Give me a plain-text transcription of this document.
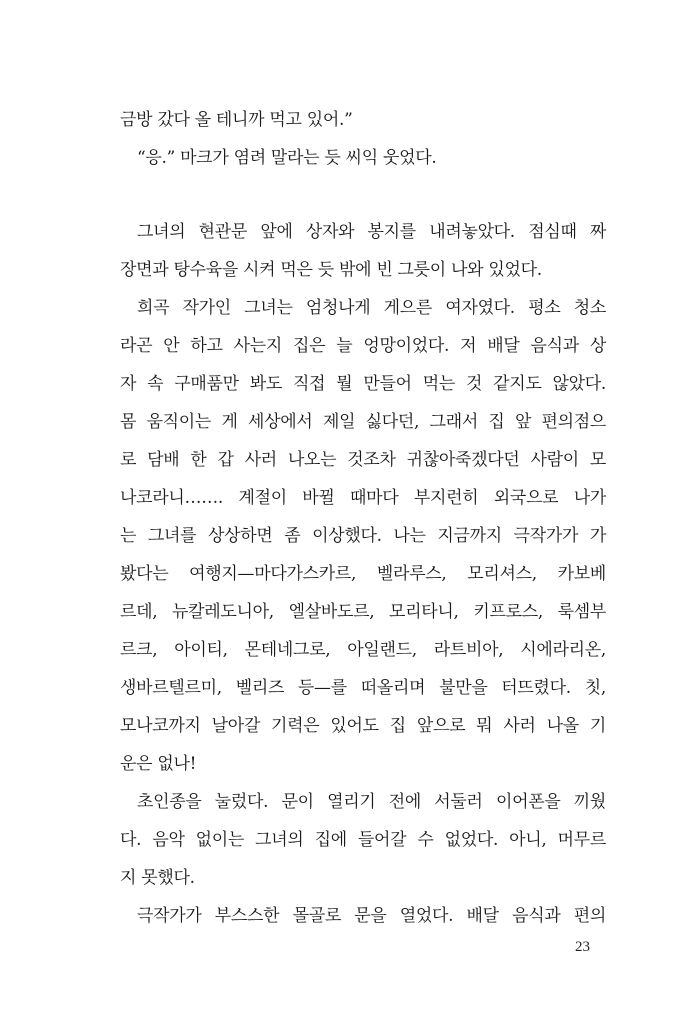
금방 갔다 올 테니까 먹고 있어.”
“응.” 마크가 염려 말라는 듯 씨익 웃었다.
그녀의 현관문 앞에 상자와 봉지를 내려놓았다. 점심때 짜
장면과 탕수육을 시켜 먹은 듯 밖에 빈 그릇이 나와 있었다.
희곡 작가인 그녀는 엄청나게 게으른 여자였다. 평소 청소
라곤 안 하고 사는지 집은 늘 엉망이었다. 저 배달 음식과 상
자 속 구매품만 봐도 직접 뭘 만들어 먹는 것 같지도 않았다.
몸 움직이는 게 세상에서 제일 싫다던, 그래서 집 앞 편의점으
로 담배 한 갑 사러 나오는 것조차 귀찮아죽겠다던 사람이 모
나코라니……. 계절이 바뀔 때마다 부지런히 외국으로 나가
는 그녀를 상상하면 좀 이상했다. 나는 지금까지 극작가가 가
봤다는 여행지—마다가스카르, 벨라루스, 모리셔스, 카보베
르데, 뉴칼레도니아, 엘살바도르, 모리타니, 키프로스, 룩셈부
르크, 아이티, 몬테네그로, 아일랜드, 라트비아, 시에라리온,
생바르텔르미, 벨리즈 등—를 떠올리며 불만을 터뜨렸다. 칫,
모나코까지 날아갈 기력은 있어도 집 앞으로 뭐 사러 나올 기
운은 없나!
초인종을 눌렀다. 문이 열리기 전에 서둘러 이어폰을 끼웠
다. 음악 없이는 그녀의 집에 들어갈 수 없었다. 아니, 머무르
지 못했다.
극작가가 부스스한 몰골로 문을 열었다. 배달 음식과 편의
23
